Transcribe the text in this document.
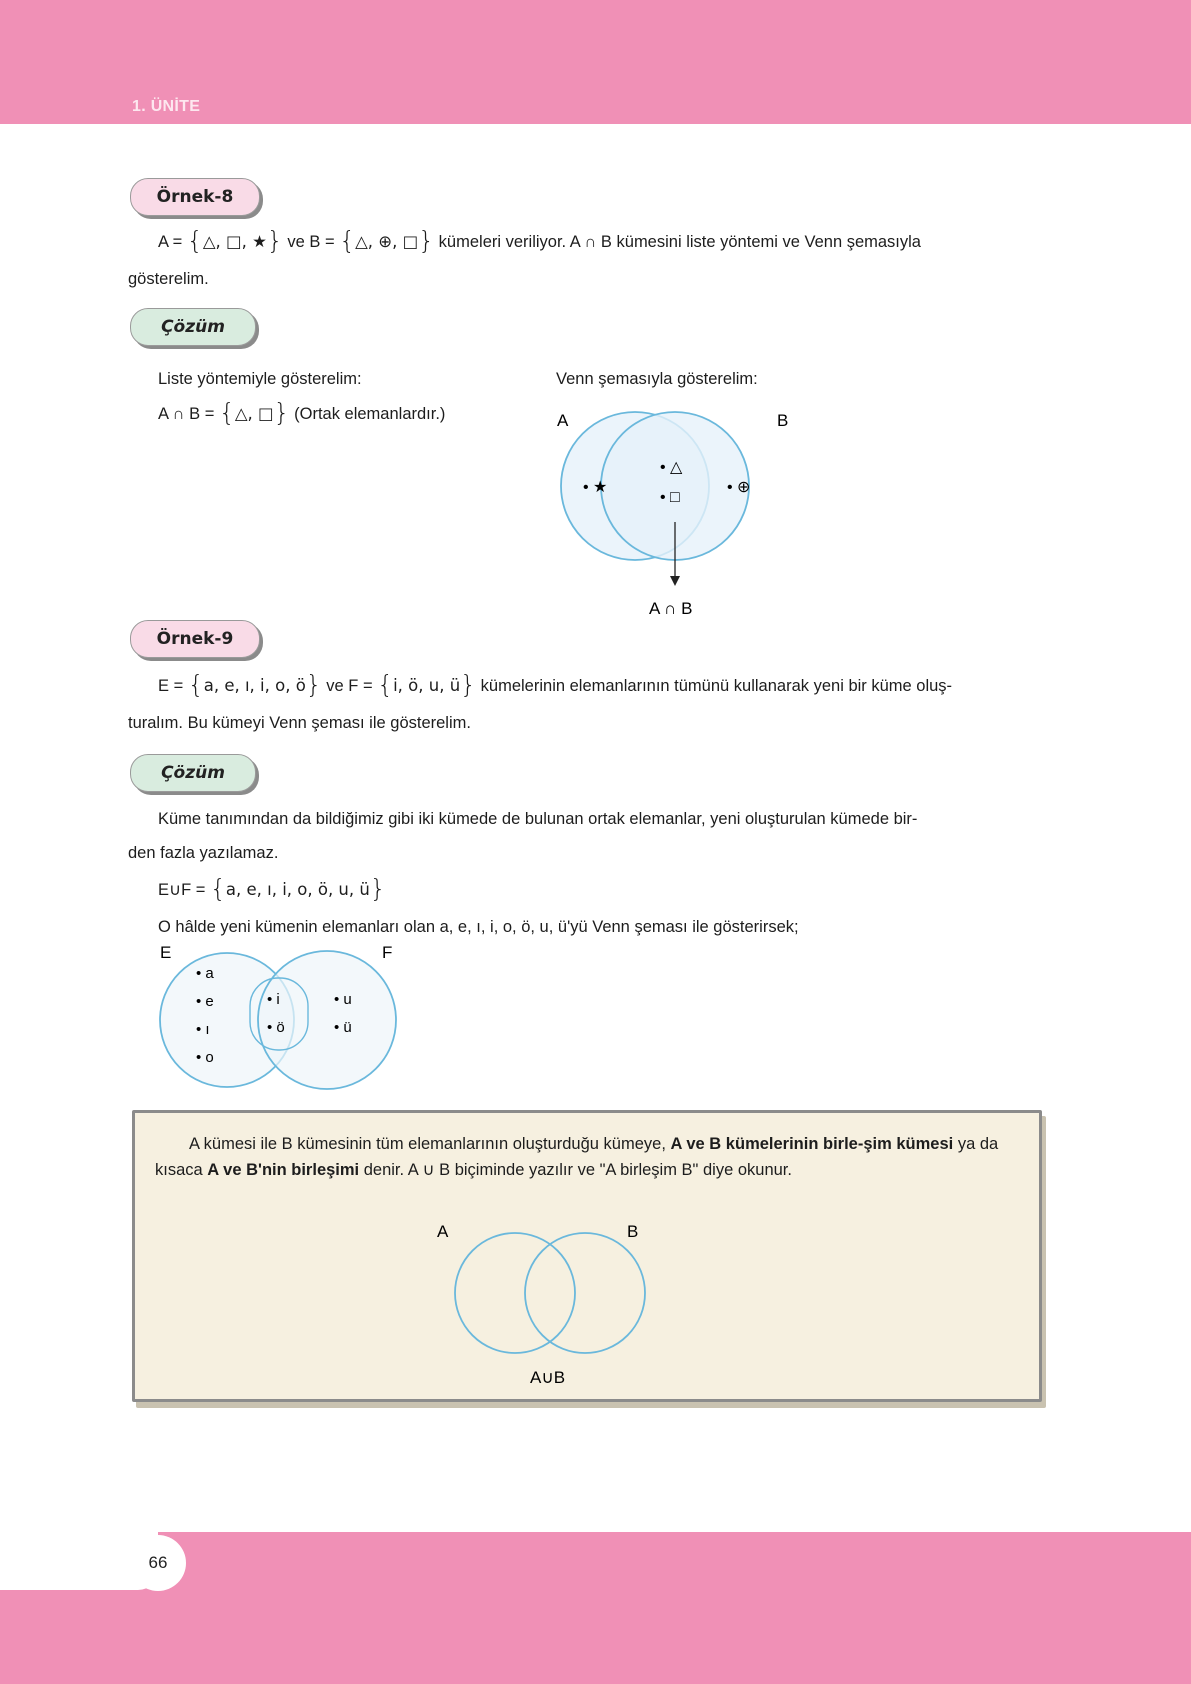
1. ÜNİTE
Örnek-8
A = {△, □, ★} ve B = {△, ⊕, □} kümeleri veriliyor. A ∩ B kümesini liste yöntemi ve Venn şemasıyla
gösterelim.
Çözüm
Liste yöntemiyle gösterelim:
A ∩ B = {△, □} (Ortak elemanlardır.)
Venn şemasıyla gösterelim:
A	B
• ★
• △
• □
• ⊕
A ∩ B
Örnek-9
E = {a, e, ı, i, o, ö} ve F = {i, ö, u, ü} kümelerinin elemanlarının tümünü kullanarak yeni bir küme oluş-
turalım. Bu kümeyi Venn şeması ile gösterelim.
Çözüm
Küme tanımından da bildiğimiz gibi iki kümede de bulunan ortak elemanlar, yeni oluşturulan kümede bir-
den fazla yazılamaz.
E∪F = {a, e, ı, i, o, ö, u, ü}
O hâlde yeni kümenin elemanları olan a, e, ı, i, o, ö, u, ü'yü Venn şeması ile gösterirsek;
E	F
• a
• e
• ı
• o
• i
• ö
• u
• ü
A kümesi ile B kümesinin tüm elemanlarının oluşturduğu kümeye, A ve B kümelerinin birle-şim kümesi ya da kısaca A ve B'nin birleşimi denir. A ∪ B biçiminde yazılır ve "A birleşim B" diye okunur.
A	B
A∪B
66
